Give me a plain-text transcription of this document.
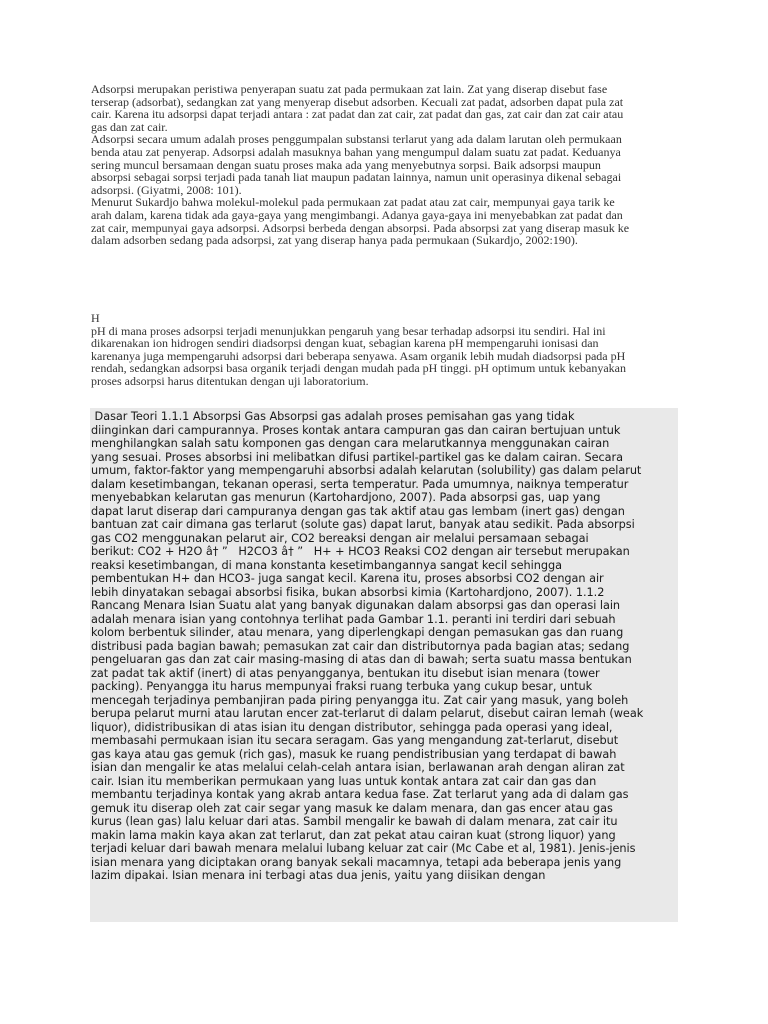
Adsorpsi merupakan peristiwa penyerapan suatu zat pada permukaan zat lain. Zat yang diserap disebut fase

terserap (adsorbat), sedangkan zat yang menyerap disebut adsorben. Kecuali zat padat, adsorben dapat pula zat

cair. Karena itu adsorpsi dapat terjadi antara : zat padat dan zat cair, zat padat dan gas, zat cair dan zat cair atau

gas dan zat cair.

Adsorpsi secara umum adalah proses penggumpalan substansi terlarut yang ada dalam larutan oleh permukaan

benda atau zat penyerap. Adsorpsi adalah masuknya bahan yang mengumpul dalam suatu zat padat. Keduanya

sering muncul bersamaan dengan suatu proses maka ada yang menyebutnya sorpsi. Baik adsorpsi maupun

absorpsi sebagai sorpsi terjadi pada tanah liat maupun padatan lainnya, namun unit operasinya dikenal sebagai

adsorpsi. (Giyatmi, 2008: 101).

Menurut Sukardjo bahwa molekul-molekul pada permukaan zat padat atau zat cair, mempunyai gaya tarik ke

arah dalam, karena tidak ada gaya-gaya yang mengimbangi. Adanya gaya-gaya ini menyebabkan zat padat dan

zat cair, mempunyai gaya adsorpsi. Adsorpsi berbeda dengan absorpsi. Pada absorpsi zat yang diserap masuk ke

dalam adsorben sedang pada adsorpsi, zat yang diserap hanya pada permukaan (Sukardjo, 2002:190).

H

pH di mana proses adsorpsi terjadi menunjukkan pengaruh yang besar terhadap adsorpsi itu sendiri. Hal ini

dikarenakan ion hidrogen sendiri diadsorpsi dengan kuat, sebagian karena pH mempengaruhi ionisasi dan

karenanya juga mempengaruhi adsorpsi dari beberapa senyawa. Asam organik lebih mudah diadsorpsi pada pH

rendah, sedangkan adsorpsi basa organik terjadi dengan mudah pada pH tinggi. pH optimum untuk kebanyakan

proses adsorpsi harus ditentukan dengan uji laboratorium.

Dasar Teori 1.1.1 Absorpsi Gas Absorpsi gas adalah proses pemisahan gas yang tidak
diinginkan dari campurannya. Proses kontak antara campuran gas dan cairan bertujuan untuk
menghilangkan salah satu komponen gas dengan cara melarutkannya menggunakan cairan
yang sesuai. Proses absorbsi ini melibatkan difusi partikel-partikel gas ke dalam cairan. Secara
umum, faktor-faktor yang mempengaruhi absorbsi adalah kelarutan (solubility) gas dalam pelarut
dalam kesetimbangan, tekanan operasi, serta temperatur. Pada umumnya, naiknya temperatur
menyebabkan kelarutan gas menurun (Kartohardjono, 2007). Pada absorpsi gas, uap yang
dapat larut diserap dari campuranya dengan gas tak aktif atau gas lembam (inert gas) dengan
bantuan zat cair dimana gas terlarut (solute gas) dapat larut, banyak atau sedikit. Pada absorpsi
gas CO2 menggunakan pelarut air, CO2 bereaksi dengan air melalui persamaan sebagai
berikut: CO2 + H2O â† ”   H2CO3 â† ”   H+ + HCO3 Reaksi CO2 dengan air tersebut merupakan
reaksi kesetimbangan, di mana konstanta kesetimbangannya sangat kecil sehingga
pembentukan H+ dan HCO3- juga sangat kecil. Karena itu, proses absorbsi CO2 dengan air
lebih dinyatakan sebagai absorbsi fisika, bukan absorbsi kimia (Kartohardjono, 2007). 1.1.2
Rancang Menara Isian Suatu alat yang banyak digunakan dalam absorpsi gas dan operasi lain
adalah menara isian yang contohnya terlihat pada Gambar 1.1. peranti ini terdiri dari sebuah
kolom berbentuk silinder, atau menara, yang diperlengkapi dengan pemasukan gas dan ruang
distribusi pada bagian bawah; pemasukan zat cair dan distributornya pada bagian atas; sedang
pengeluaran gas dan zat cair masing-masing di atas dan di bawah; serta suatu massa bentukan
zat padat tak aktif (inert) di atas penyangganya, bentukan itu disebut isian menara (tower
packing). Penyangga itu harus mempunyai fraksi ruang terbuka yang cukup besar, untuk
mencegah terjadinya pembanjiran pada piring penyangga itu. Zat cair yang masuk, yang boleh
berupa pelarut murni atau larutan encer zat-terlarut di dalam pelarut, disebut cairan lemah (weak
liquor), didistribusikan di atas isian itu dengan distributor, sehingga pada operasi yang ideal,
membasahi permukaan isian itu secara seragam. Gas yang mengandung zat-terlarut, disebut
gas kaya atau gas gemuk (rich gas), masuk ke ruang pendistribusian yang terdapat di bawah
isian dan mengalir ke atas melalui celah-celah antara isian, berlawanan arah dengan aliran zat
cair. Isian itu memberikan permukaan yang luas untuk kontak antara zat cair dan gas dan
membantu terjadinya kontak yang akrab antara kedua fase. Zat terlarut yang ada di dalam gas
gemuk itu diserap oleh zat cair segar yang masuk ke dalam menara, dan gas encer atau gas
kurus (lean gas) lalu keluar dari atas. Sambil mengalir ke bawah di dalam menara, zat cair itu
makin lama makin kaya akan zat terlarut, dan zat pekat atau cairan kuat (strong liquor) yang
terjadi keluar dari bawah menara melalui lubang keluar zat cair (Mc Cabe et al, 1981). Jenis-jenis
isian menara yang diciptakan orang banyak sekali macamnya, tetapi ada beberapa jenis yang
lazim dipakai. Isian menara ini terbagi atas dua jenis, yaitu yang diisikan dengan
